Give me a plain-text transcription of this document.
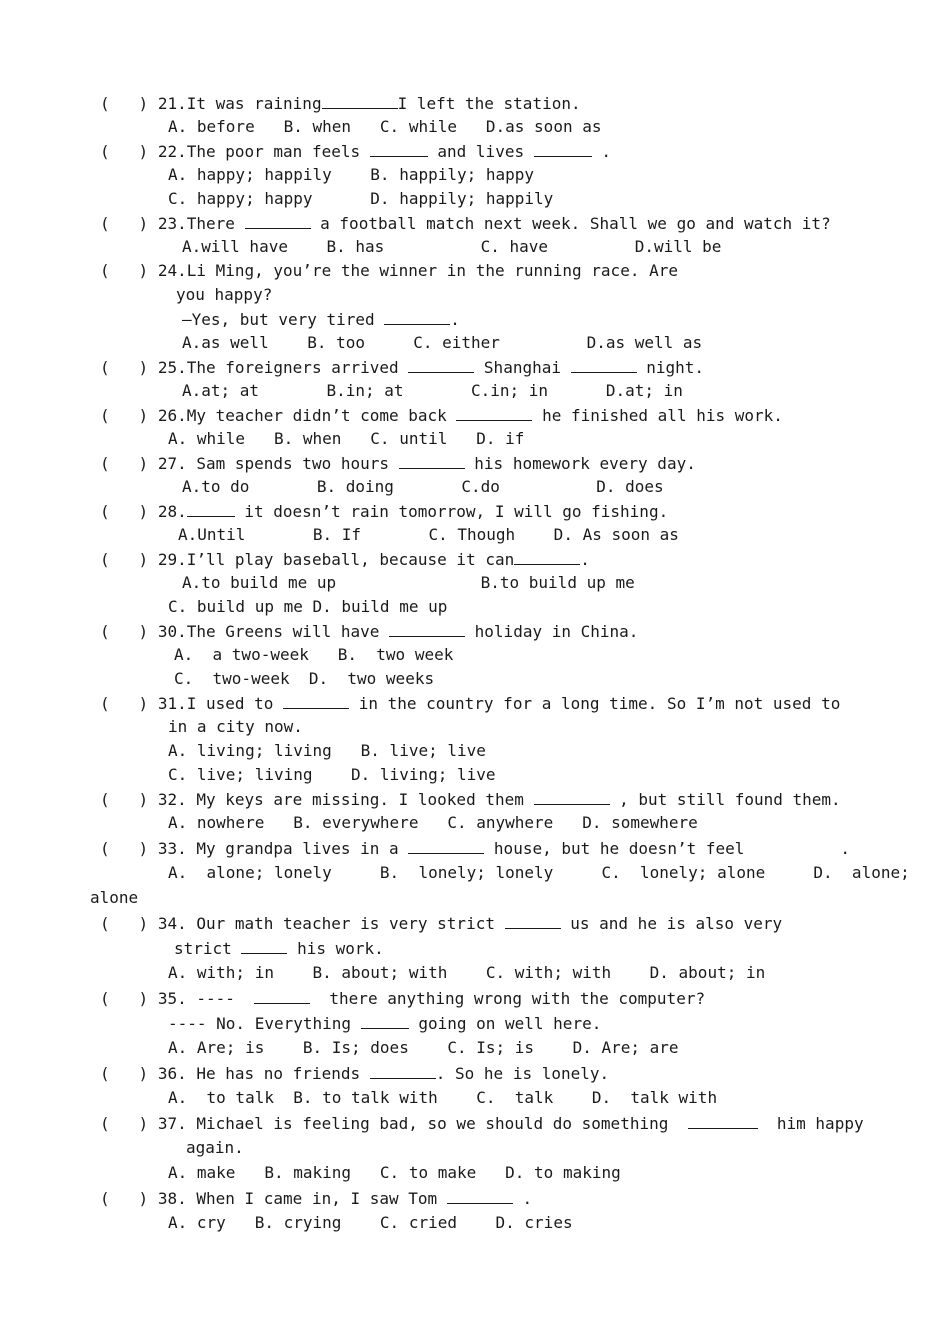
(   ) 21.It was raining	I left the station.
A. before   B. when   C. while   D.as soon as
(   ) 22.The poor man feels	and lives	.
A. happy; happily    B. happily; happy
C. happy; happy      D. happily; happily
(   ) 23.There	a football match next week. Shall we go and watch it?
A.will have    B. has          C. have         D.will be
(   ) 24.Li Ming, you’re the winner in the running race. Are
you happy?
—Yes, but very tired	.
A.as well    B. too     C. either         D.as well as
(   ) 25.The foreigners arrived	Shanghai	night.
A.at; at       B.in; at       C.in; in      D.at; in
(   ) 26.My teacher didn’t come back	he finished all his work.
A. while   B. when   C. until   D. if
(   ) 27. Sam spends two hours	his homework every day.
A.to do       B. doing       C.do          D. does
(   ) 28.	it doesn’t rain tomorrow, I will go fishing.
A.Until       B. If       C. Though    D. As soon as
(   ) 29.I’ll play baseball, because it can	.
A.to build me up               B.to build up me
C. build up me D. build me up
(   ) 30.The Greens will have	holiday in China.
A.  a two-week   B.  two week
C.  two-week  D.  two weeks
(   ) 31.I used to	in the country for a long time. So I’m not used to
in a city now.
A. living; living   B. live; live
C. live; living    D. living; live
(   ) 32. My keys are missing. I looked them	, but still found them.
A. nowhere   B. everywhere   C. anywhere   D. somewhere
(   ) 33. My grandpa lives in a	house, but he doesn’t feel	.
A.  alone; lonely     B.  lonely; lonely     C.  lonely; alone     D.  alone;
alone
(   ) 34. Our math teacher is very strict	us and he is also very
strict	his work.
A. with; in    B. about; with    C. with; with    D. about; in
(   ) 35. ----	there anything wrong with the computer?
---- No. Everything	going on well here.
A. Are; is    B. Is; does    C. Is; is    D. Are; are
(   ) 36. He has no friends	. So he is lonely.
A.  to talk  B. to talk with    C.  talk    D.  talk with
(   ) 37. Michael is feeling bad, so we should do something	him happy
again.
A. make   B. making   C. to make   D. to making
(   ) 38. When I came in, I saw Tom	.
A. cry   B. crying    C. cried    D. cries
